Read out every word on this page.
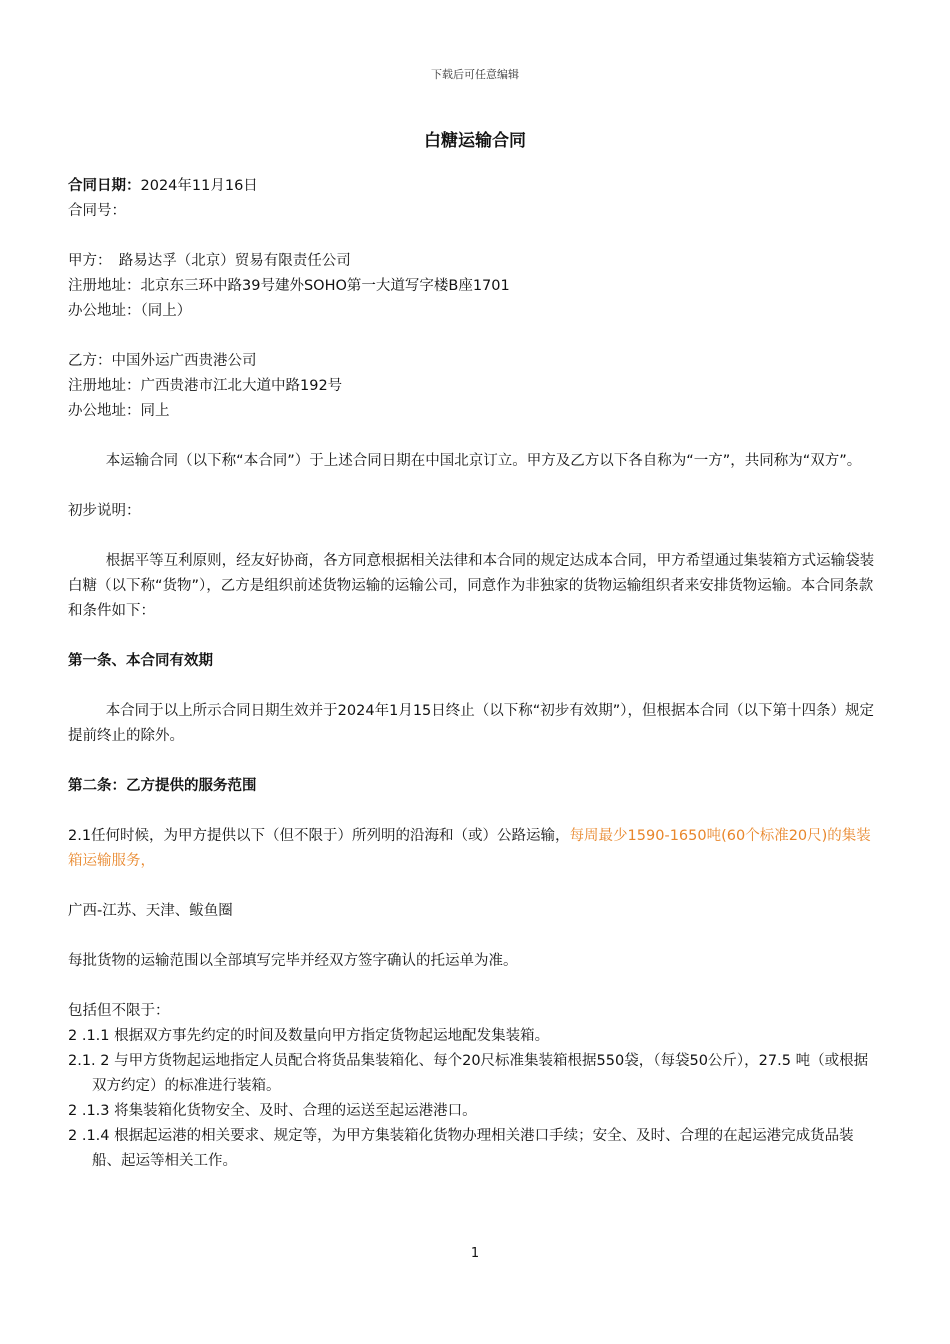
下载后可任意编辑
白糖运输合同

合同日期：2024年11月16日

合同号：

甲方：　路易达孚（北京）贸易有限责任公司

注册地址：北京东三环中路39号建外SOHO第一大道写字楼B座1701

办公地址：（同上）

乙方：中国外运广西贵港公司

注册地址：广西贵港市江北大道中路192号

办公地址：同上

本运输合同（以下称“本合同”）于上述合同日期在中国北京订立。甲方及乙方以下各自称为“一方”，共同称为“双方”。

初步说明：

根据平等互利原则，经友好协商，各方同意根据相关法律和本合同的规定达成本合同，甲方希望通过集装箱方式运输袋装白糖（以下称“货物”），乙方是组织前述货物运输的运输公司，同意作为非独家的货物运输组织者来安排货物运输。本合同条款和条件如下：

第一条、本合同有效期

本合同于以上所示合同日期生效并于2024年1月15日终止（以下称“初步有效期”），但根据本合同（以下第十四条）规定提前终止的除外。

第二条：乙方提供的服务范围

2.1任何时候，为甲方提供以下（但不限于）所列明的沿海和（或）公路运输，每周最少1590-1650吨(60个标准20尺)的集装箱运输服务，

广西-江苏、天津、鲅鱼圈

每批货物的运输范围以全部填写完毕并经双方签字确认的托运单为准。

包括但不限于：

2 .1.1 根据双方事先约定的时间及数量向甲方指定货物起运地配发集装箱。

2.1. 2 与甲方货物起运地指定人员配合将货品集装箱化、每个20尺标准集装箱根据550袋，（每袋50公斤），27.5 吨（或根据双方约定）的标准进行装箱。

2 .1.3 将集装箱化货物安全、及时、合理的运送至起运港港口。

2 .1.4 根据起运港的相关要求、规定等，为甲方集装箱化货物办理相关港口手续；安全、及时、合理的在起运港完成货品装船、起运等相关工作。

1
